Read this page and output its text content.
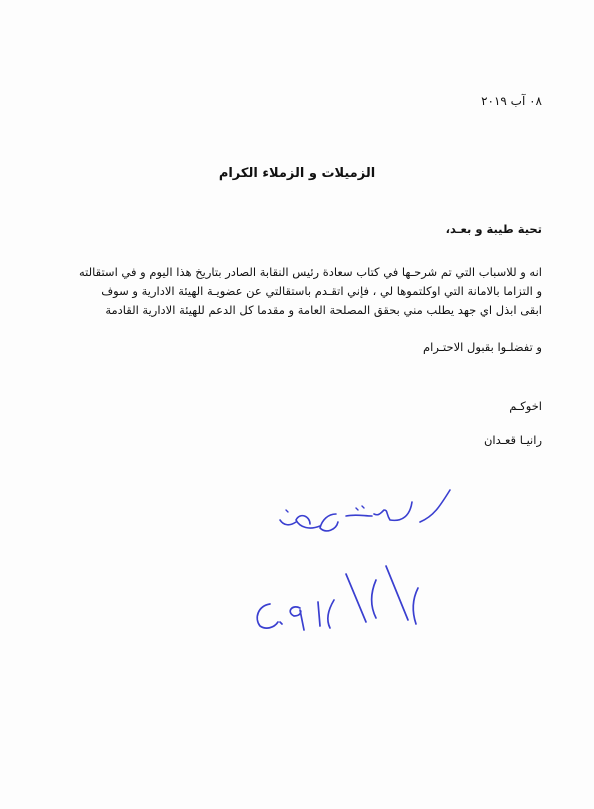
٠٨ آب ٢٠١٩
الزميلات و الزملاء الكرام
تحية طيبة و بعـد،
انه و للاسباب التي تم شرحـها في كتاب سعادة رئيس النقابة الصادر بتاريخ هذا اليوم و في استقالته
و التزاما بالامانة التي اوكلتموها لي ، فإني اتقـدم باستقالتي عن عضويـة الهيئة الادارية و سوف
ابقى ابذل اي جهد يطلب مني بحقق المصلحة العامة و مقدما كل الدعم للهيئة الادارية القادمة
و تفضلـوا بقبول الاحتـرام
اخوكـم
رانيـا قعـدان
